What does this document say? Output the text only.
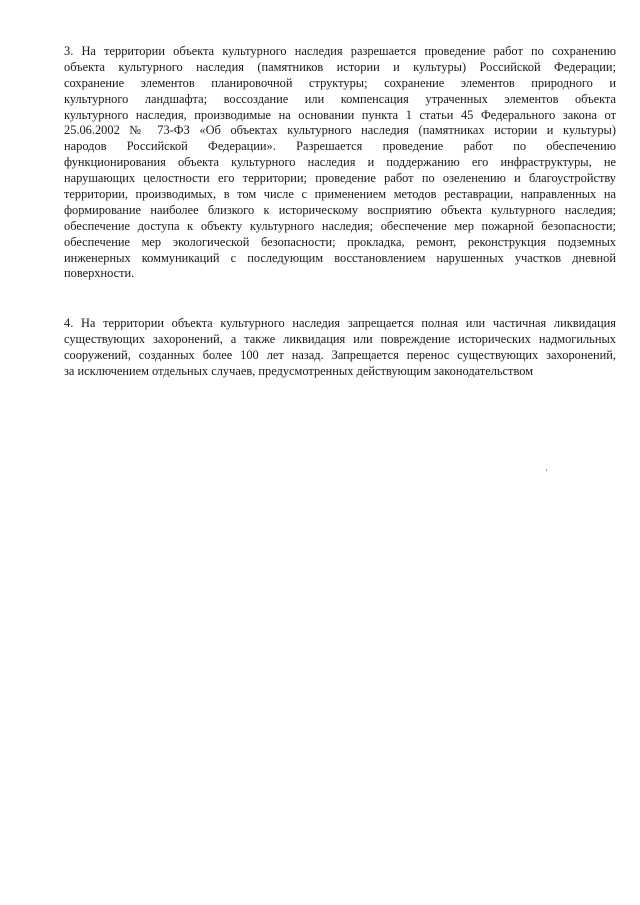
3. На территории объекта культурного наследия разрешается проведение работ по сохранению
объекта культурного наследия (памятников истории и культуры) Российской Федерации;
сохранение элементов планировочной структуры; сохранение элементов природного и
культурного ландшафта; воссоздание или компенсация утраченных элементов объекта
культурного наследия, производимые на основании пункта 1 статьи 45 Федерального закона от
25.06.2002 № 73-ФЗ «Об объектах культурного наследия (памятниках истории и культуры)
народов Российской Федерации». Разрешается проведение работ по обеспечению
функционирования объекта культурного наследия и поддержанию его инфраструктуры, не
нарушающих целостности его территории; проведение работ по озеленению и благоустройству
территории, производимых, в том числе с применением методов реставрации, направленных на
формирование наиболее близкого к историческому восприятию объекта культурного наследия;
обеспечение доступа к объекту культурного наследия; обеспечение мер пожарной безопасности;
обеспечение мер экологической безопасности; прокладка, ремонт, реконструкция подземных
инженерных коммуникаций с последующим восстановлением нарушенных участков дневной
поверхности.

4. На территории объекта культурного наследия запрещается полная или частичная ликвидация
существующих захоронений, а также ликвидация или повреждение исторических надмогильных
сооружений, созданных более 100 лет назад. Запрещается перенос существующих захоронений,
за исключением отдельных случаев, предусмотренных действующим законодательством
